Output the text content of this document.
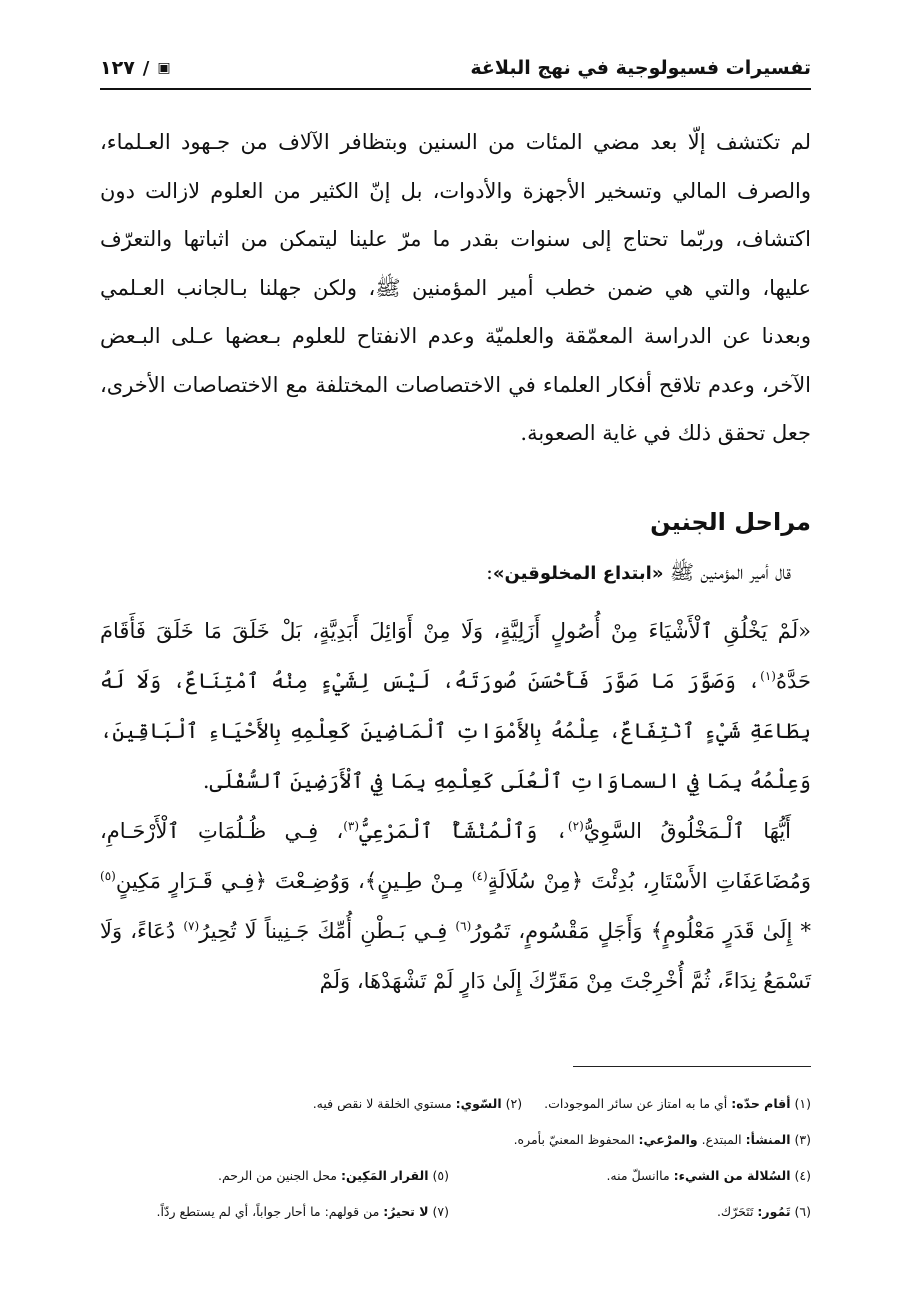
تفسيرات فسيولوجية في نهج البلاغة
▣
/
١٢٧

لم تكتشف إلّا بعد مضي المئات من السنين وبتظافر الآلاف من جـهود العـلماء، والصرف المالي وتسخير الأجهزة والأدوات، بل إنّ الكثير من العلوم لازالت دون اكتشاف، وربّما تحتاج إلى سنوات بقدر ما مرّ علينا ليتمكن من اثباتها والتعرّف عليها، والتي هي ضمن خطب أمير المؤمنين ﷺ، ولكن جهلنا بـالجانب العـلمي وبعدنا عن الدراسة المعمّقة والعلميّة وعدم الانفتاح للعلوم بـعضها عـلى البـعض الآخر، وعدم تلاقح أفكار العلماء في الاختصاصات المختلفة مع الاختصاصات الأخرى، جعل تحقق ذلك في غاية الصعوبة.

مراحل الجنين
قال أمير المؤمنين ﷺ «ابتداع المخلوقين»:

«لَمْ يَخْلُقِ ٱلْأَشْيَاءَ مِنْ أُصُولٍ أَزَلِيَّةٍ، وَلَا مِنْ أَوَائِلَ أَبَدِيَّةٍ، بَلْ خَلَقَ مَا خَلَقَ فَأَقَامَ حَدَّهُ$^{(١)}$، وَصَوَّرَ مَا صَوَّرَ فَأَحْسَنَ صُورَتَهُ، لَيْسَ لِشَيْءٍ مِنْهُ ٱمْتِنَاعٌ، وَلَا لَهُ بِطَاعَةِ شَيْءٍ ٱنْتِفَاعٌ، عِلْمُهُ بِالأَمْوَاتِ ٱلْمَاضِينَ كَعِلْمِهِ بِالأَحْيَاءِ ٱلْبَاقِينَ، وَعِلْمُهُ بِمَا فِي السماوَاتِ ٱلْعُلَى كَعِلْمِهِ بِمَا فِي ٱلْأَرَضِينَ ٱلسُّفْلَى.

أَيُّهَا ٱلْـمَخْلُوقُ السَّوِيُّ$^{(٢)}$، وَٱلْمُنْشَأُ ٱلْمَرْعِيُّ$^{(٣)}$، فِـي ظُـلُمَاتِ ٱلْأَرْحَـامِ، وَمُضَاعَفَاتِ الأَسْتَارِ، بُدِئْتَ ﴿مِنْ سُلَالَةٍ$^{(٤)}$ مِـنْ طِـينٍ﴾، وَوُضِـعْتَ ﴿فِـي قَـرَارٍ مَكِينٍ$^{(٥)}$ * إِلَىٰ قَدَرٍ مَعْلُومٍ﴾ وَأَجَلٍ مَقْسُومٍ، تَمُورُ$^{(٦)}$ فِـي بَـطْنِ أُمِّكَ جَـنِيناً لَا تُحِيرُ$^{(٧)}$ دُعَاءً، وَلَا تَسْمَعُ نِدَاءً، ثُمَّ أُخْرِجْتَ مِنْ مَقَرِّكَ إِلَىٰ دَارٍ لَمْ تَشْهَدْهَا، وَلَمْ

(١) أقام حدّه: أي ما به امتاز عن سائر الموجودات.
(٢) السّوي: مستوي الخلقة لا نقص فيه.
(٣) المنشأ: المبتدع. والمرْعي: المحفوظ المعنيّ بأمره.
(٤) السُلالة من الشيء: ماانسلّ منه.
(٥) القرار المَكِين: محل الجنين من الرحم.
(٦) تَمُور: تَتَحَرّك.
(٧) لا تحيرُ: من قولهم: ما أحار جواباً، أي لم يستطع ردّاً.
